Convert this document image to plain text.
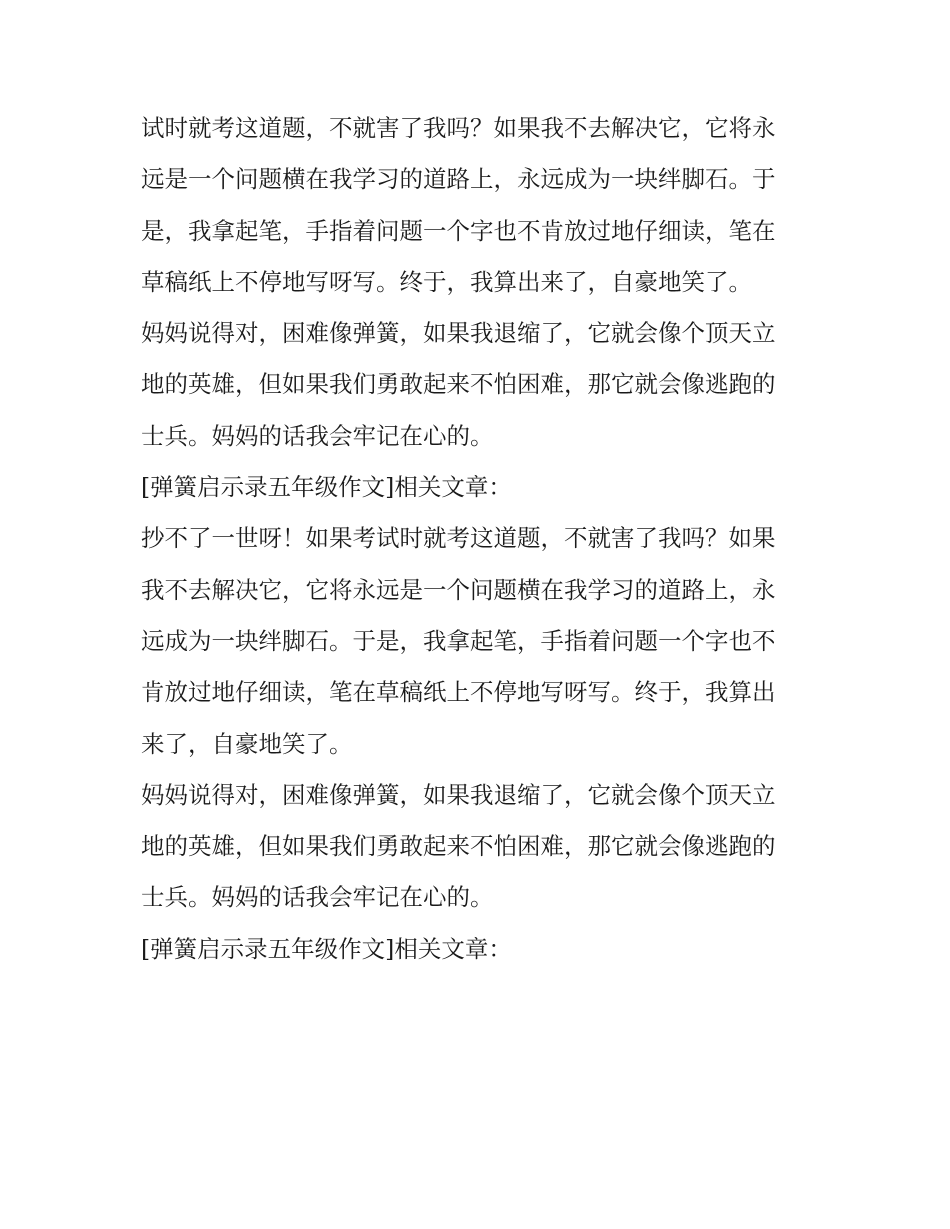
试时就考这道题，不就害了我吗？如果我不去解决它，它将永
远是一个问题横在我学习的道路上，永远成为一块绊脚石。于
是，我拿起笔，手指着问题一个字也不肯放过地仔细读，笔在
草稿纸上不停地写呀写。终于，我算出来了，自豪地笑了。

妈妈说得对，困难像弹簧，如果我退缩了，它就会像个顶天立
地的英雄，但如果我们勇敢起来不怕困难，那它就会像逃跑的
士兵。妈妈的话我会牢记在心的。

[弹簧启示录五年级作文]相关文章：

抄不了一世呀！如果考试时就考这道题，不就害了我吗？如果
我不去解决它，它将永远是一个问题横在我学习的道路上，永
远成为一块绊脚石。于是，我拿起笔，手指着问题一个字也不
肯放过地仔细读，笔在草稿纸上不停地写呀写。终于，我算出
来了，自豪地笑了。

妈妈说得对，困难像弹簧，如果我退缩了，它就会像个顶天立
地的英雄，但如果我们勇敢起来不怕困难，那它就会像逃跑的
士兵。妈妈的话我会牢记在心的。

[弹簧启示录五年级作文]相关文章：
